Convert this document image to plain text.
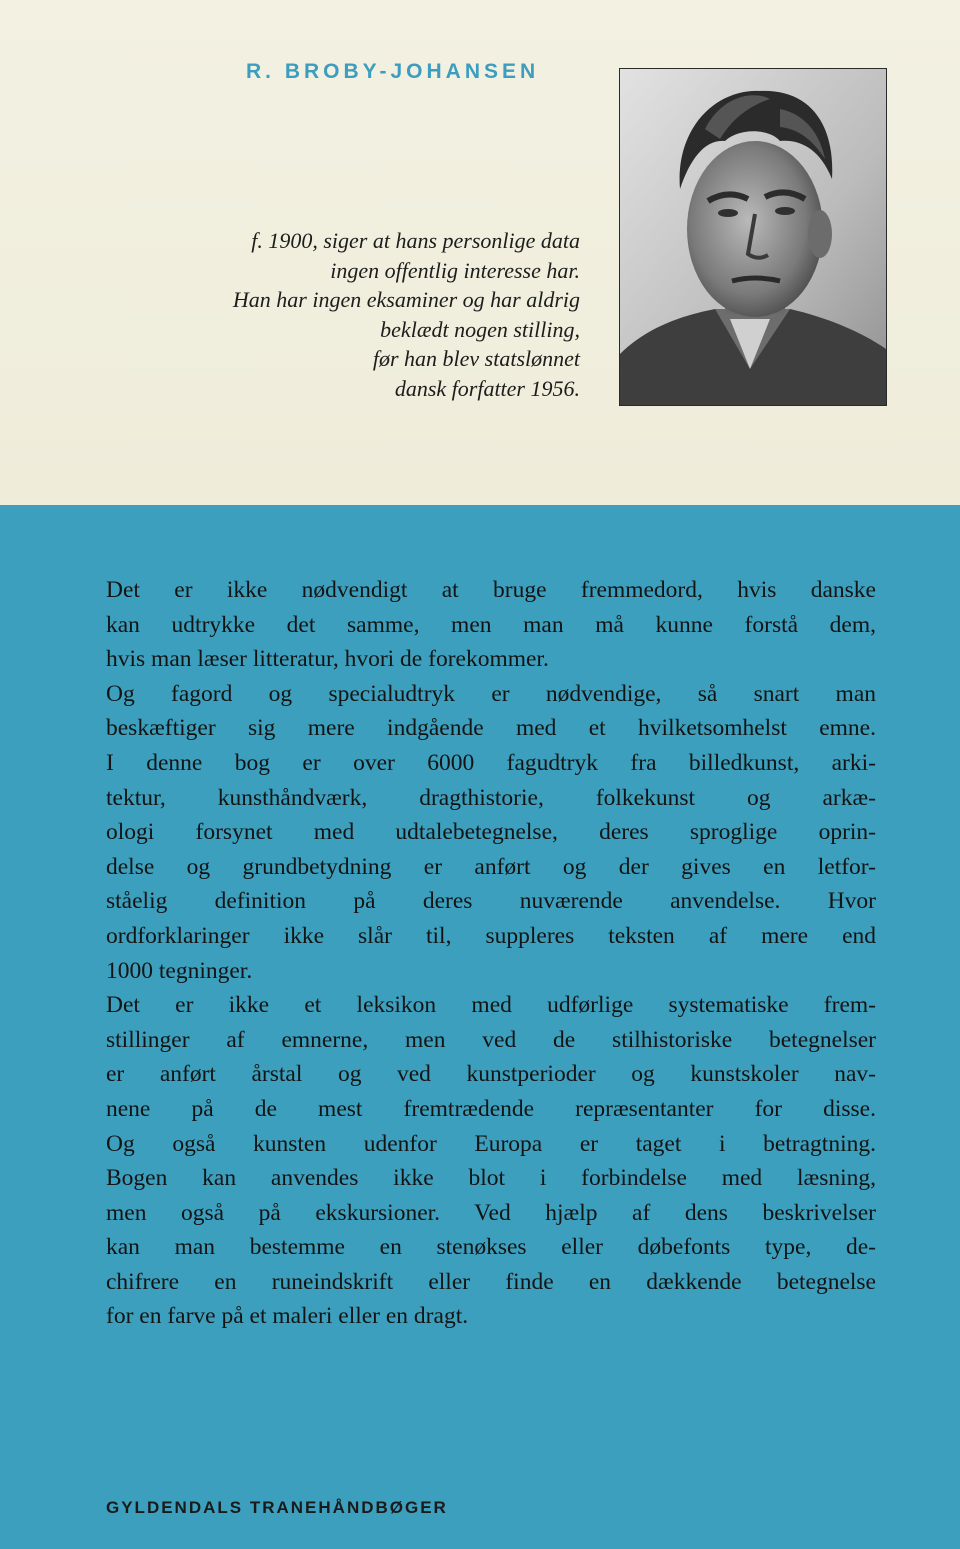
R. BROBY-JOHANSEN
f. 1900, siger at hans personlige data
ingen offentlig interesse har.
Han har ingen eksaminer og har aldrig
beklædt nogen stilling,
før han blev statslønnet
dansk forfatter 1956.
Det er ikke nødvendigt at bruge fremmedord, hvis danske
kan udtrykke det samme, men man må kunne forstå dem,
hvis man læser litteratur, hvori de forekommer.
Og fagord og specialudtryk er nødvendige, så snart man
beskæftiger sig mere indgående med et hvilketsomhelst emne.
I denne bog er over 6000 fagudtryk fra billedkunst, arki-
tektur, kunsthåndværk, dragthistorie, folkekunst og arkæ-
ologi forsynet med udtalebetegnelse, deres sproglige oprin-
delse og grundbetydning er anført og der gives en letfor-
ståelig definition på deres nuværende anvendelse. Hvor
ordforklaringer ikke slår til, suppleres teksten af mere end
1000 tegninger.
Det er ikke et leksikon med udførlige systematiske frem-
stillinger af emnerne, men ved de stilhistoriske betegnelser
er anført årstal og ved kunstperioder og kunstskoler nav-
nene på de mest fremtrædende repræsentanter for disse.
Og også kunsten udenfor Europa er taget i betragtning.
Bogen kan anvendes ikke blot i forbindelse med læsning,
men også på ekskursioner. Ved hjælp af dens beskrivelser
kan man bestemme en stenøkses eller døbefonts type, de-
chifrere en runeindskrift eller finde en dækkende betegnelse
for en farve på et maleri eller en dragt.
GYLDENDALS TRANEHÅNDBØGER
